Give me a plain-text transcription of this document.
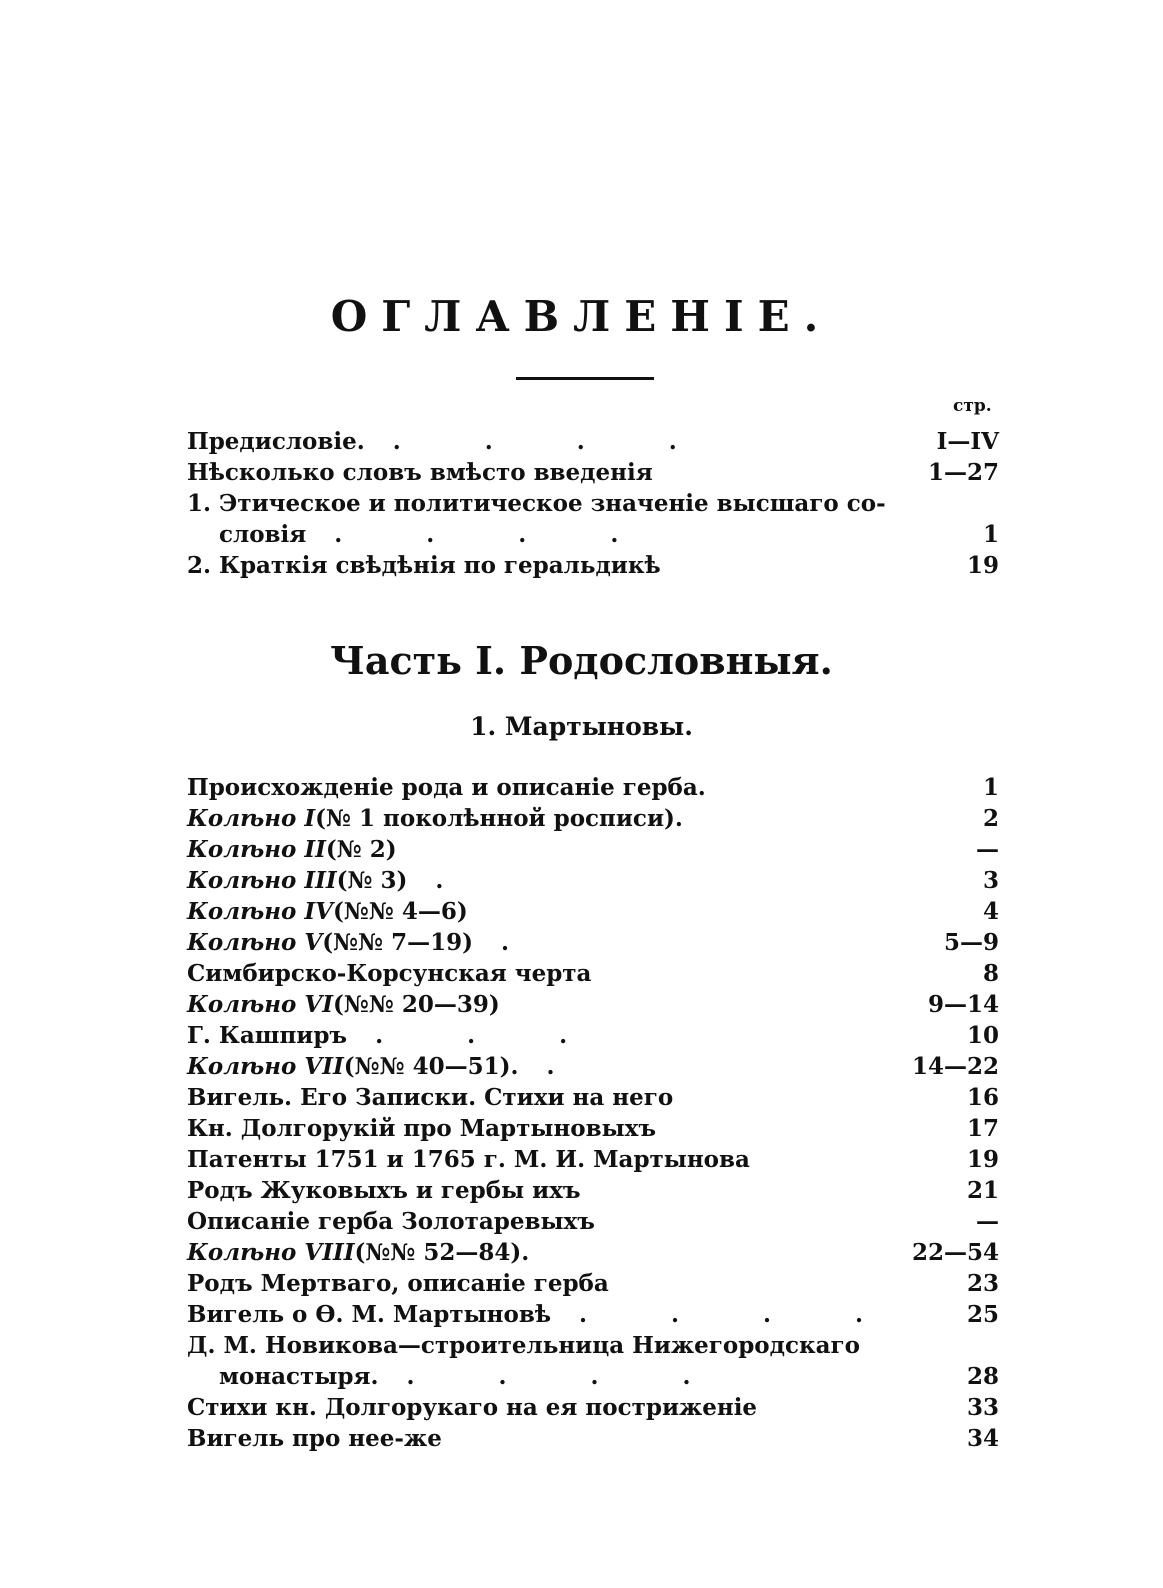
ОГЛАВЛЕНІЕ.
стр.
Предисловіе.	. . . .	I—IV
Нѣсколько словъ вмѣсто введенія	1—27
1. Этическое и политическое значеніе высшаго со-
словія	. . . .	1
2. Краткія свѣдѣнія по геральдикѣ	19
Часть I. Родословныя.
1. Мартыновы.
Происхожденіе рода и описаніе герба.	1
Колѣно I (№ 1 поколѣнной росписи).	2
Колѣно II (№ 2)	—
Колѣно III (№ 3)	.	3
Колѣно IV (№№ 4—6)	4
Колѣно V (№№ 7—19)	.	5—9
Симбирско-Корсунская черта	8
Колѣно VI (№№ 20—39)	9—14
Г. Кашпиръ	. . .	10
Колѣно VII (№№ 40—51).	.	14—22
Вигель. Его Записки. Стихи на него	16
Кн. Долгорукій про Мартыновыхъ	17
Патенты 1751 и 1765 г. М. И. Мартынова	19
Родъ Жуковыхъ и гербы ихъ	21
Описаніе герба Золотаревыхъ	—
Колѣно VIII (№№ 52—84).	22—54
Родъ Мертваго, описаніе герба	23
Вигель о Ѳ. М. Мартыновѣ	. . . .	25
Д. М. Новикова—строительница Нижегородскаго
монастыря.	. . . .	28
Стихи кн. Долгорукаго на ея постриженіе	33
Вигель про нее-же	34
